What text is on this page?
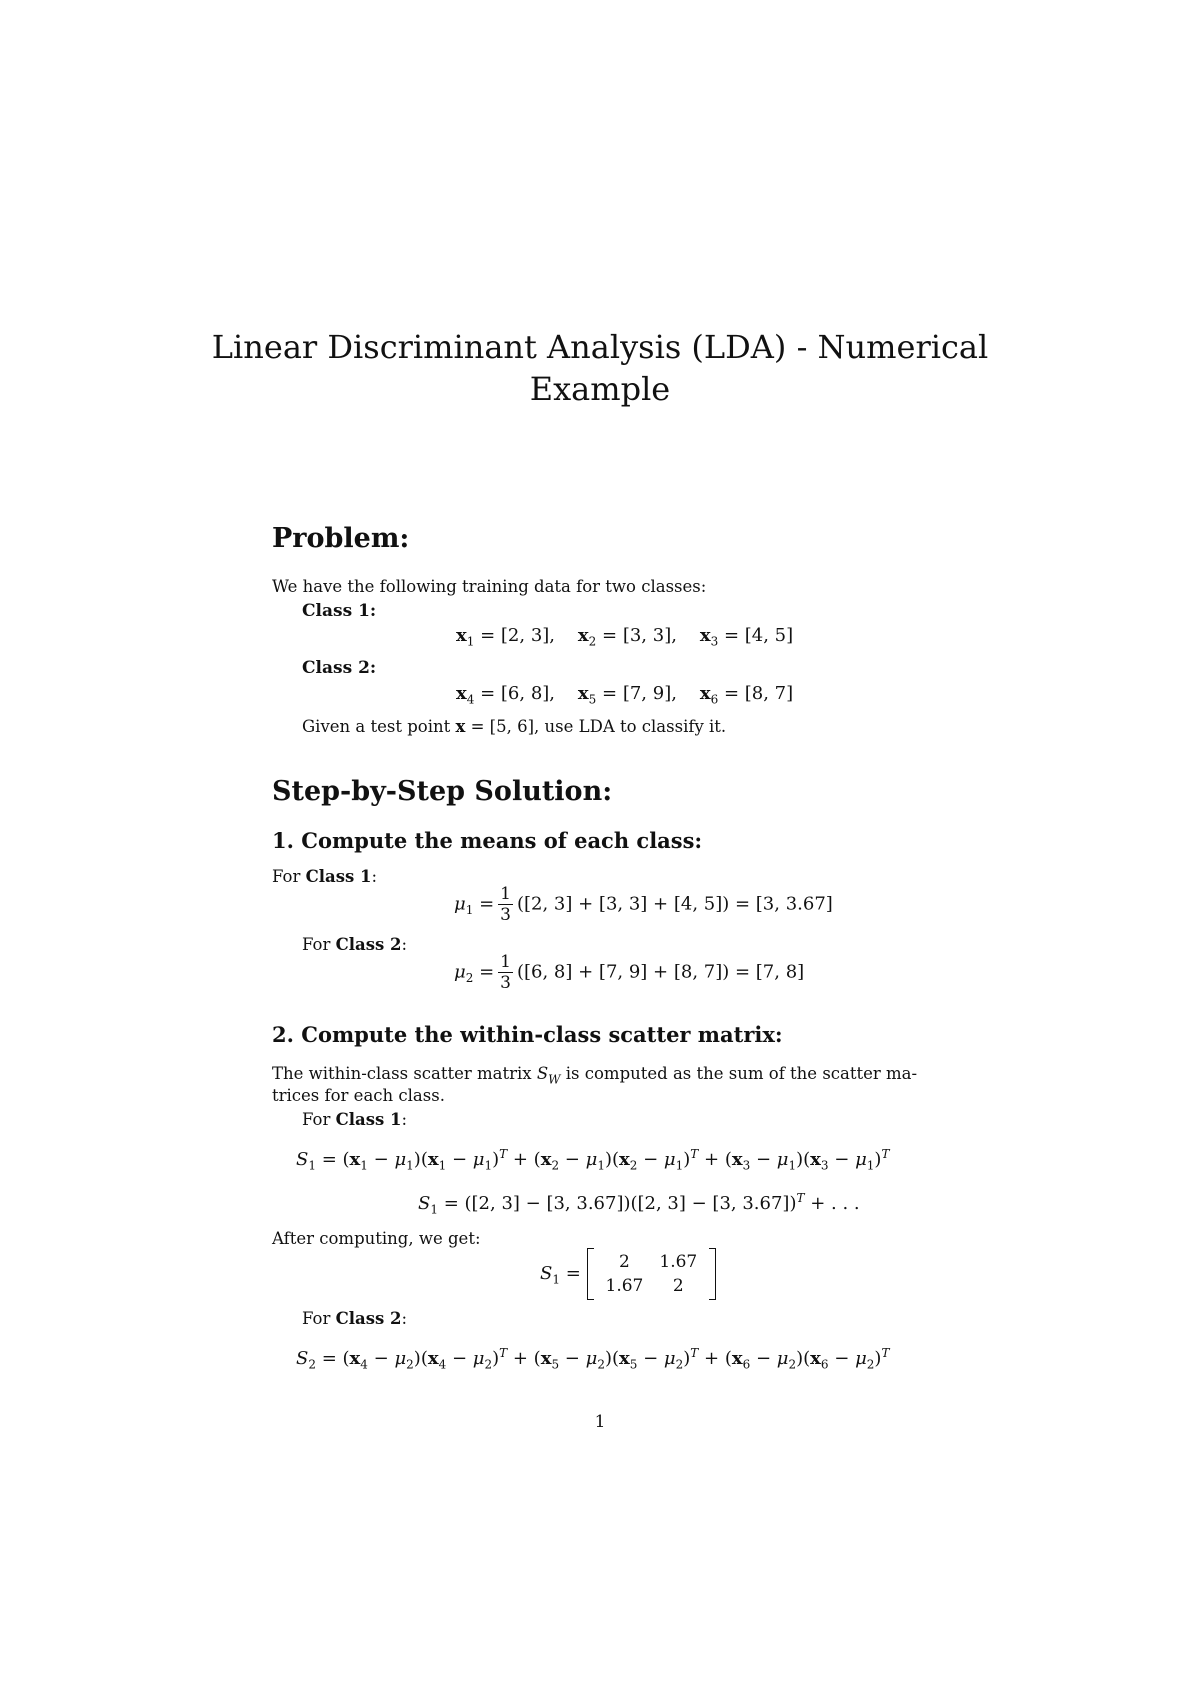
Linear Discriminant Analysis (LDA) - Numerical
Example
Problem:
We have the following training data for two classes:
Class 1:
$x_1 = [2$, 3], $x_2 = [3$, 3], $x_3 = [4$, 5]
Class 2:
$x_4 = [6$, 8], $x_5 = [7$, 9], $x_6 = [8$, 7]
Given a test point x = [5, 6], use LDA to classify it.
Step-by-Step Solution:
1. Compute the means of each class:
For Class 1:
$\mu_1 = \frac{1}{3} ([2$, 3] + [3, 3] + [4, 5]) = [3, 3.67]
For Class 2:
$\mu_2 = \frac{1}{3} ([6$, 8] + [7, 9] + [8, 7]) = [7, 8]
2. Compute the within-class scatter matrix:
The within-class scatter matrix $S_W$ is computed as the sum of the scatter ma-
trices for each class.
For Class 1:
$S_1 = (x_1 - \mu_1)(x_1 - \mu_1)^T + (x_2 - \mu_1)(x_2 - \mu_1)^T + (x_3 - \mu_1)(x_3 - \mu_1)^T$
$S_1 = ([2$, 3] − [3, 3.67])([2, 3] − [3, 3.67])$^T$ + . . .
After computing, we get:
$S_1$ =
2	1.67
1.67	2
For Class 2:
$S_2 = (x_4 - \mu_2)(x_4 - \mu_2)^T + (x_5 - \mu_2)(x_5 - \mu_2)^T + (x_6 - \mu_2)(x_6 - \mu_2)^T$
1
